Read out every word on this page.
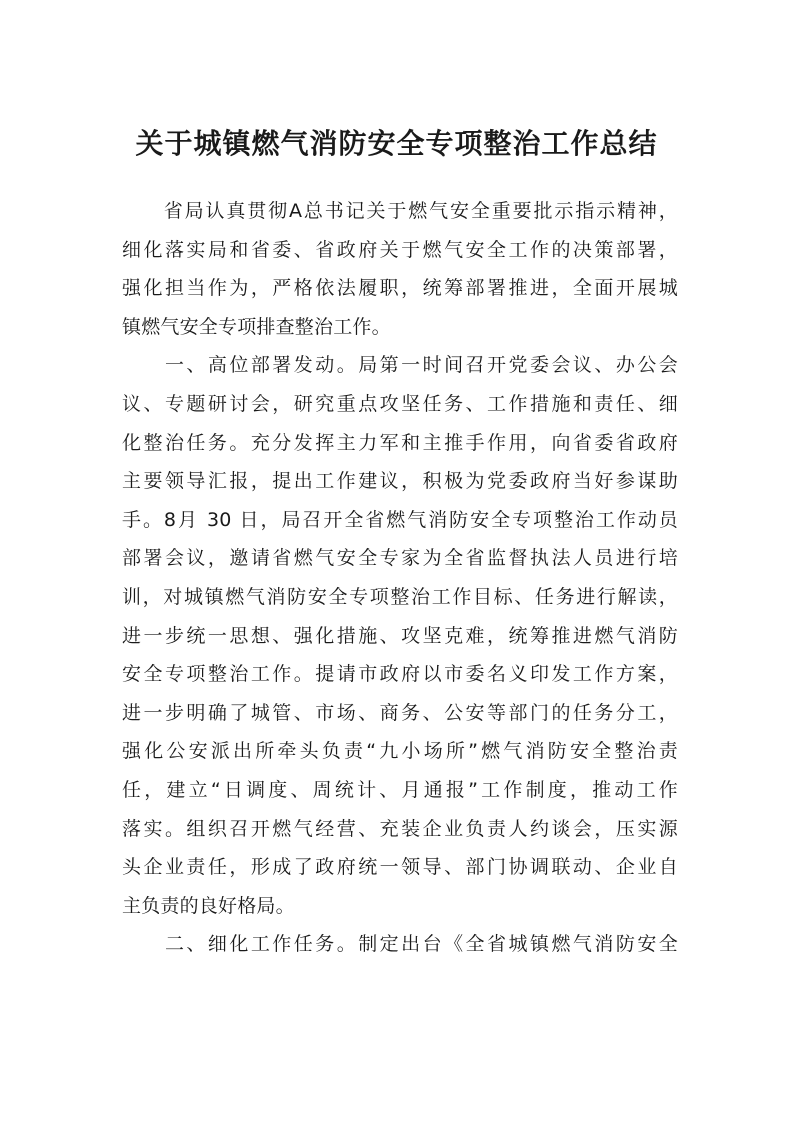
关于城镇燃气消防安全专项整治工作总结
　　省局认真贯彻A总书记关于燃气安全重要批示指示精神，
细化落实局和省委、省政府关于燃气安全工作的决策部署，
强化担当作为，严格依法履职，统筹部署推进，全面开展城
镇燃气安全专项排查整治工作。
　　一、高位部署发动。局第一时间召开党委会议、办公会
议、专题研讨会，研究重点攻坚任务、工作措施和责任、细
化整治任务。充分发挥主力军和主推手作用，向省委省政府
主要领导汇报，提出工作建议，积极为党委政府当好参谋助
手。8月 30 日，局召开全省燃气消防安全专项整治工作动员
部署会议，邀请省燃气安全专家为全省监督执法人员进行培
训，对城镇燃气消防安全专项整治工作目标、任务进行解读，
进一步统一思想、强化措施、攻坚克难，统筹推进燃气消防
安全专项整治工作。提请市政府以市委名义印发工作方案，
进一步明确了城管、市场、商务、公安等部门的任务分工，
强化公安派出所牵头负责“九小场所”燃气消防安全整治责
任，建立“日调度、周统计、月通报”工作制度，推动工作
落实。组织召开燃气经营、充装企业负责人约谈会，压实源
头企业责任，形成了政府统一领导、部门协调联动、企业自
主负责的良好格局。
　　二、细化工作任务。制定出台《全省城镇燃气消防安全
